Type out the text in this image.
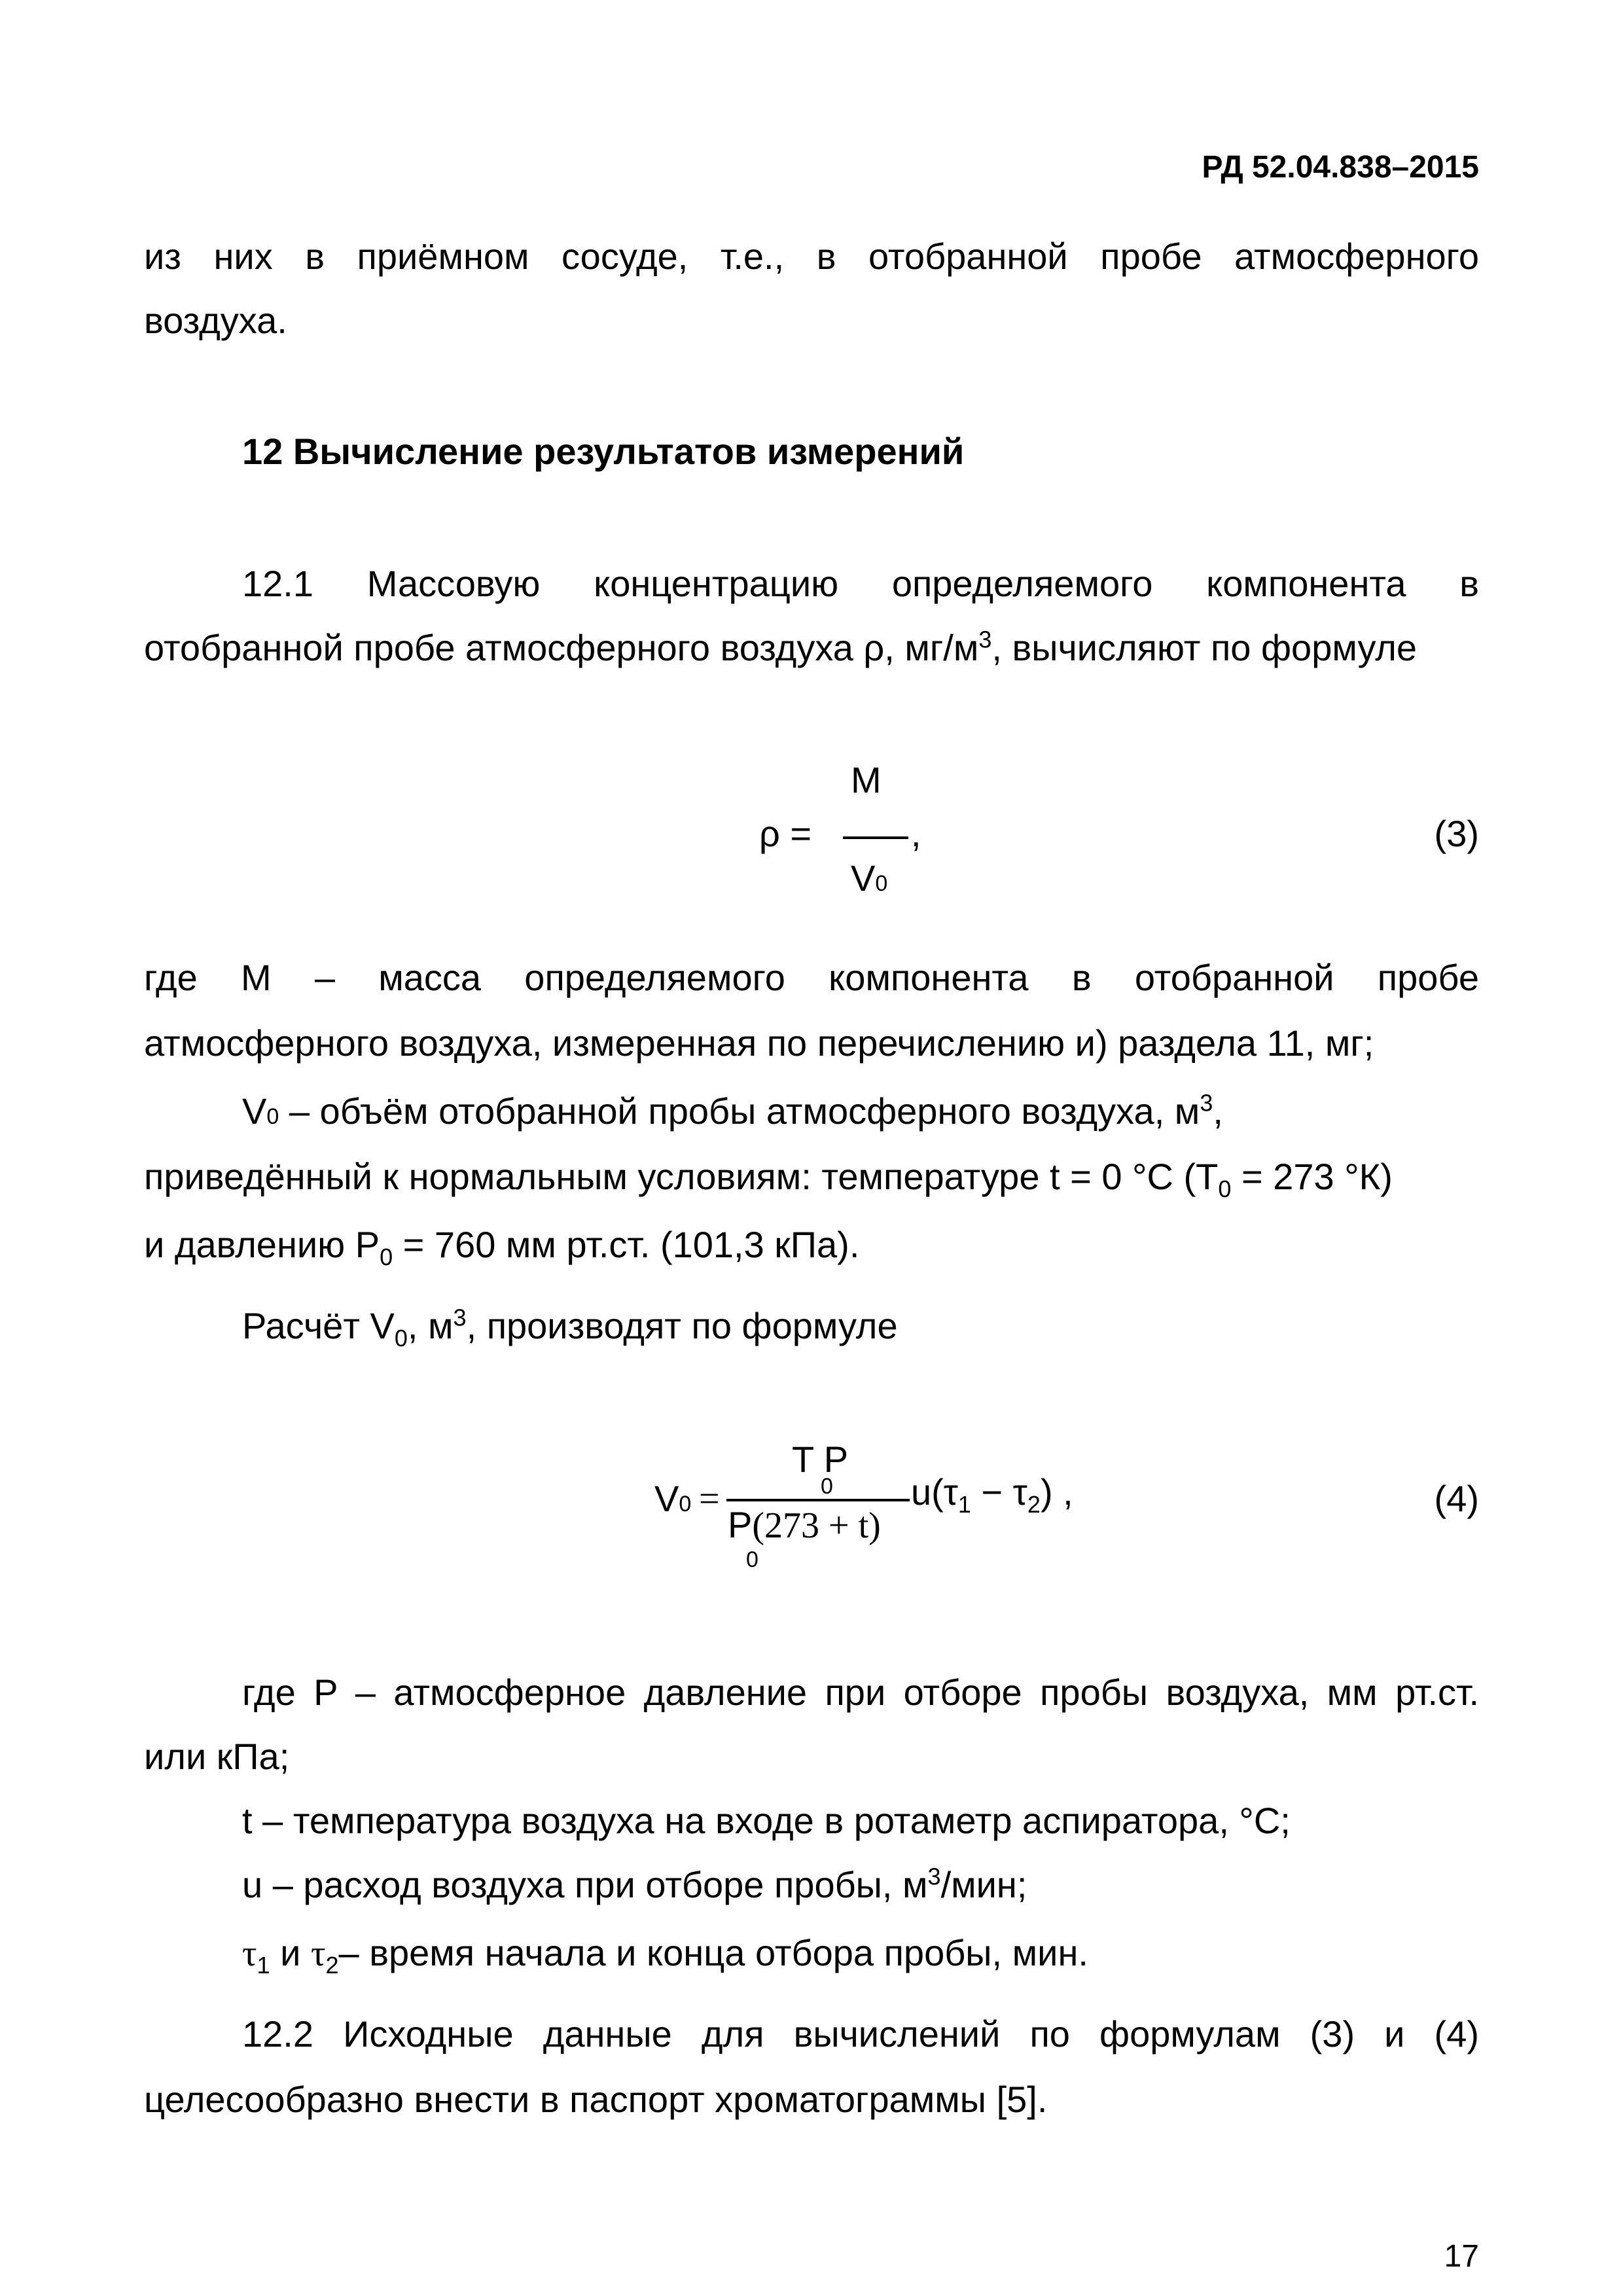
РД 52.04.838–2015
из них в приёмном сосуде, т.е., в отобранной пробе атмосферного
воздуха.
12 Вычисление результатов измерений
12.1 Массовую концентрацию определяемого компонента в
отобранной пробе атмосферного воздуха ρ, $мг/м^3$, вычисляют по формуле
ρ =
M
V0
,	(3)
где M – масса определяемого компонента в отобранной пробе
атмосферного воздуха, измеренная по перечислению и) раздела 11, мг;
V0 – объём отобранной пробы атмосферного воздуха, $м^3$,
приведённый к нормальным условиям: температуре t = 0 °С ($T_0 = 273$ °К)
и давлению $P_0 = 760$ мм рт.ст. (101,3 кПа).
Расчёт $V_0$, $м^3$, производят по формуле
V0 =
T P
0
P(273 + t)
0
$u(\tau_1 - \tau_2)$ ,	(4)
где P – атмосферное давление при отборе пробы воздуха, мм рт.ст.
или кПа;
t – температура воздуха на входе в ротаметр аспиратора, °С;
u – расход воздуха при отборе пробы, $м^3$/мин;
$\tau_1$ и $\tau_2-$ время начала и конца отбора пробы, мин.
12.2 Исходные данные для вычислений по формулам (3) и (4)
целесообразно внести в паспорт хроматограммы [5].
17
